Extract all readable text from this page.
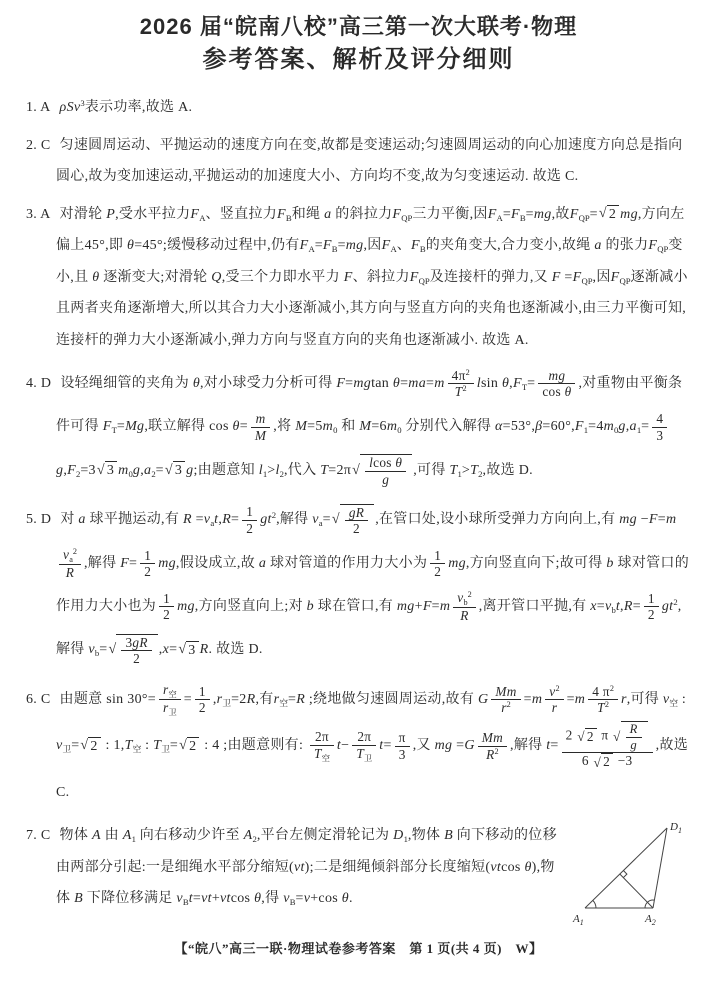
2026 届“皖南八校”高三第一次大联考·物理
参考答案、解析及评分细则

1. A ρSv$^3$表示功率,故选 A.

2. C 匀速圆周运动、平抛运动的速度方向在变,故都是变速运动;匀速圆周运动的向心加速度方向总是指向圆心,故为变加速运动,平抛运动的加速度大小、方向均不变,故为匀变速运动. 故选 C.

3. A 对滑轮 P,受水平拉力$F_A$、竖直拉力$F_B$和绳 a 的斜拉力$F_{QP}$三力平衡,因$F_A=F_B=mg$,故$F_{QP}=$ √ 2 mg,方向左偏上45°,即 θ=45°;缓慢移动过程中,仍有$F_A=F_B=mg$,因$F_A$、$F_B$的夹角变大,合力变小,故绳 a 的张力$F_{QP}$变小,且 θ 逐渐变大;对滑轮 Q,受三个力即水平力 F、斜拉力$F_{QP}$及连接杆的弹力,又 $F =F_{QP}$,因$F_{QP}$逐渐减小且两者夹角逐渐增大,所以其合力大小逐渐减小,其方向与竖直方向的夹角也逐渐减小,由三力平衡可知,连接杆的弹力大小逐渐减小,弹力方向与竖直方向的夹角也逐渐减小. 故选 A.

4. D 设轻绳细管的夹角为 θ,对小球受力分析可得 F=mgtan $\theta=ma=m \frac{4\pi^2}{T^2}$ lsin $\theta,F_T= \frac{mg}{\text{cos θ}}$ ,对重物由平衡条件可得 $F_T=Mg$,联立解得 $\cos \theta= \frac{m}{M}$ ,将 $M=5m_0$ 和 $M=6m_0$ 分别代入解得 $\alpha=53^\circ,\beta=60^\circ,F_1=4m_0g,a_1= \frac{4}{3}$
$g,F_2=3$ √ 3 $m_0g,a_2=$ √ 3 g;由题意知 $l_1>l_2$,代入 T=2π √ $\frac{\text{lcos θ}}{g}$ ,可得 $T_1>T_2$,故选 D.

5. D 对 a 球平抛运动,有 $R =v_at,R= \frac{1}{2} gt^2$,解得 $v_a=$ √ $\frac{gR}{2}$ ,在管口处,设小球所受弹力方向向上,有 mg −F=m
$\frac{v_a^2}{R}$ ,解得 $F= \frac{1}{2}$ mg,假设成立,故 a 球对管道的作用力大小为 $\frac{1}{2}$ mg,方向竖直向下;故可得 b 球对管口的作用力大小也为 $\frac{1}{2}$ mg,方向竖直向上;对 b 球在管口,有 $mg+F=m \frac{v_b^2}{R}$ ,离开管口平抛,有 $x=v_bt,R= \frac{1}{2} gt^2$,解得 $v_b=$ √ $\frac{3gR}{2} ,x=$ √ 3 R. 故选 D.

6. C 由题意 $\sin 30^\circ= \frac{r_空}{r_卫} = \frac{1}{2} ,r_卫=2R$,有$r_空=R$ ;绕地做匀速圆周运动,故有 G $\frac{Mm}{r^2} =m \frac{v^2}{r} =m \frac{4 \pi^2}{T^2} r$,可得 $v_空$ : $v_卫=$ √ 2 : $1,T_空$ : $T_卫=$ √ 2 : 4 ;由题意则有: $\frac{2\pi}{T_空} t- \frac{2\pi}{T_卫} t= \frac{\pi}{3}$ ,又 mg $=G \frac{Mm}{R^2}$ ,解得 $t= \frac{2 √ 2 \pi √ \frac{R}{g}}{6 √ 2 -3}$ ,故选 C.

$D_1$
$A_1$	$A_2$

7. C 物体 A 由 $A_1$ 向右移动少许至 $A_2$,平台左侧定滑轮记为 $D_1$,物体 B 向下移动的位移由两部分引起:一是细绳水平部分缩短(vt);二是细绳倾斜部分长度缩短(vtcos θ),物体 B 下降位移满足 $v_Bt=vt+vtcos$ θ,得 $v_B=v+\cos$ θ.

【“皖八”高三一联·物理试卷参考答案　第 1 页(共 4 页)　W】
